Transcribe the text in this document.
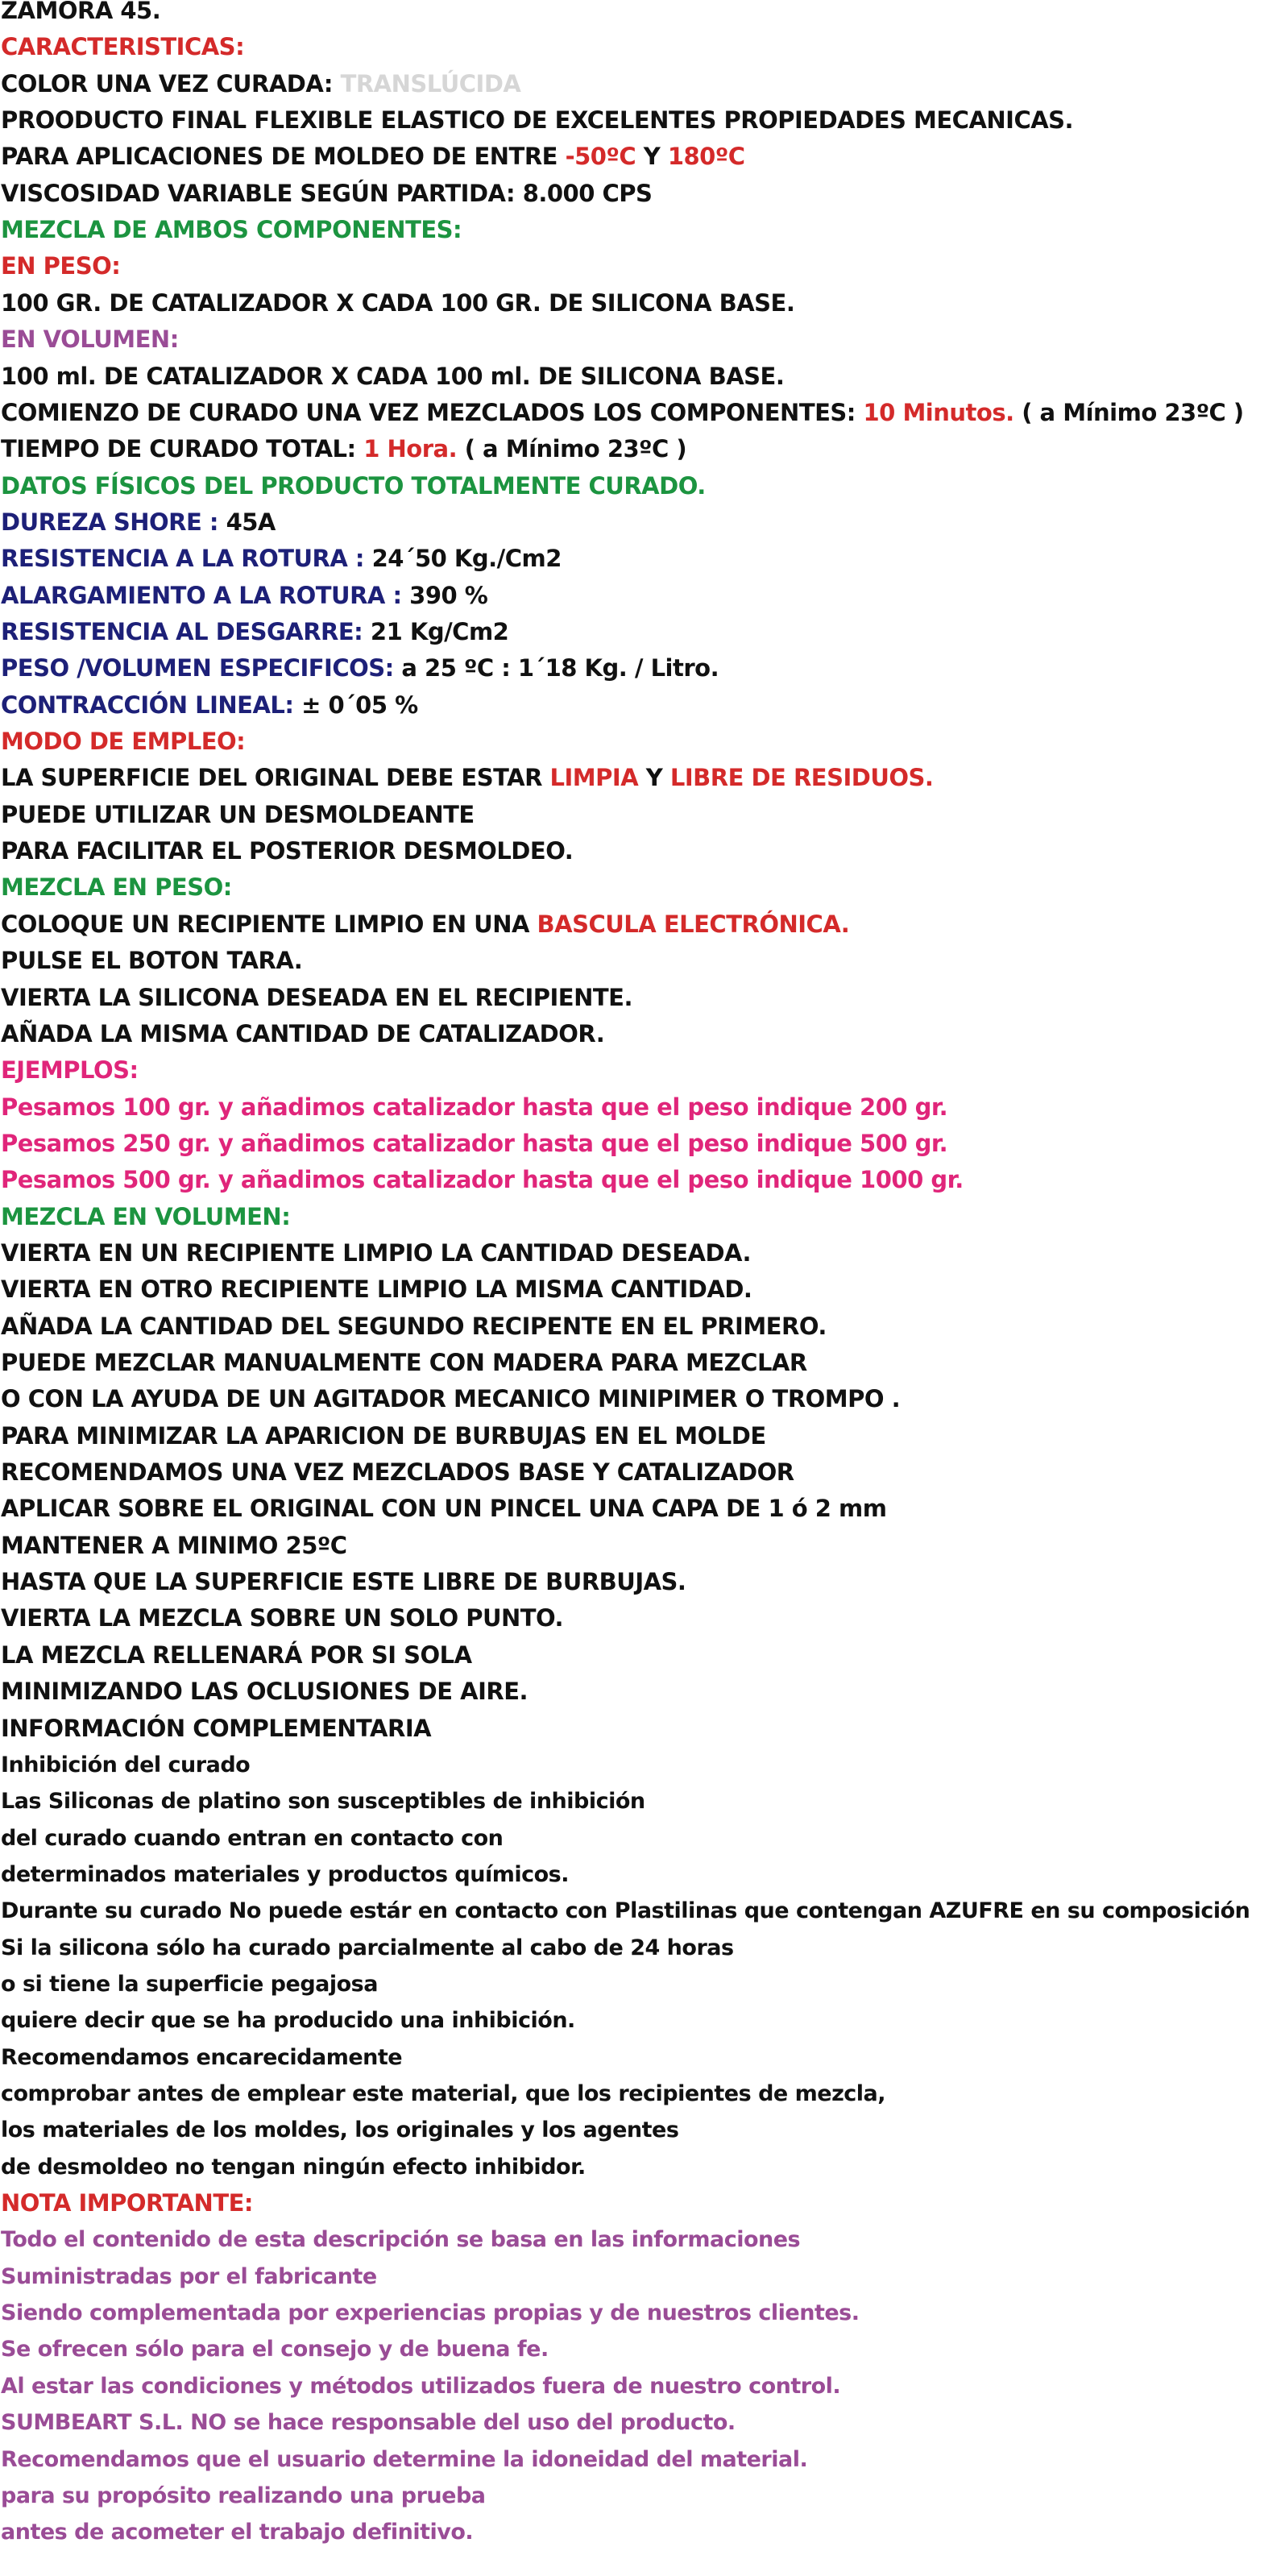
ZAMORA 45.
CARACTERISTICAS:
COLOR UNA VEZ CURADA: TRANSLÚCIDA
PROODUCTO FINAL FLEXIBLE ELASTICO DE EXCELENTES PROPIEDADES MECANICAS.
PARA APLICACIONES DE MOLDEO DE ENTRE -50ºC Y 180ºC
VISCOSIDAD VARIABLE SEGÚN PARTIDA: 8.000 CPS
MEZCLA DE AMBOS COMPONENTES:
EN PESO:
100 GR. DE CATALIZADOR X CADA 100 GR. DE SILICONA BASE.
EN VOLUMEN:
100 ml. DE CATALIZADOR X CADA 100 ml. DE SILICONA BASE.
COMIENZO DE CURADO UNA VEZ MEZCLADOS LOS COMPONENTES: 10 Minutos. ( a Mínimo 23ºC )
TIEMPO DE CURADO TOTAL: 1 Hora. ( a Mínimo 23ºC )
DATOS FÍSICOS DEL PRODUCTO TOTALMENTE CURADO.
DUREZA SHORE : 45A
RESISTENCIA A LA ROTURA : 24´50 Kg./Cm2
ALARGAMIENTO A LA ROTURA : 390 %
RESISTENCIA AL DESGARRE: 21 Kg/Cm2
PESO /VOLUMEN ESPECIFICOS: a 25 ºC : 1´18 Kg. / Litro.
CONTRACCIÓN LINEAL: ± 0´05 %
MODO DE EMPLEO:
LA SUPERFICIE DEL ORIGINAL DEBE ESTAR LIMPIA Y LIBRE DE RESIDUOS.
PUEDE UTILIZAR UN DESMOLDEANTE
PARA FACILITAR EL POSTERIOR DESMOLDEO.
MEZCLA EN PESO:
COLOQUE UN RECIPIENTE LIMPIO EN UNA BASCULA ELECTRÓNICA.
PULSE EL BOTON TARA.
VIERTA LA SILICONA DESEADA EN EL RECIPIENTE.
AÑADA LA MISMA CANTIDAD DE CATALIZADOR.
EJEMPLOS:
Pesamos 100 gr. y añadimos catalizador hasta que el peso indique 200 gr.
Pesamos 250 gr. y añadimos catalizador hasta que el peso indique 500 gr.
Pesamos 500 gr. y añadimos catalizador hasta que el peso indique 1000 gr.
MEZCLA EN VOLUMEN:
VIERTA EN UN RECIPIENTE LIMPIO LA CANTIDAD DESEADA.
VIERTA EN OTRO RECIPIENTE LIMPIO LA MISMA CANTIDAD.
AÑADA LA CANTIDAD DEL SEGUNDO RECIPENTE EN EL PRIMERO.
PUEDE MEZCLAR MANUALMENTE CON MADERA PARA MEZCLAR
O CON LA AYUDA DE UN AGITADOR MECANICO MINIPIMER O TROMPO .
PARA MINIMIZAR LA APARICION DE BURBUJAS EN EL MOLDE
RECOMENDAMOS UNA VEZ MEZCLADOS BASE Y CATALIZADOR
APLICAR SOBRE EL ORIGINAL CON UN PINCEL UNA CAPA DE 1 ó 2 mm
MANTENER A MINIMO 25ºC
HASTA QUE LA SUPERFICIE ESTE LIBRE DE BURBUJAS.
VIERTA LA MEZCLA SOBRE UN SOLO PUNTO.
LA MEZCLA RELLENARÁ POR SI SOLA
MINIMIZANDO LAS OCLUSIONES DE AIRE.
INFORMACIÓN COMPLEMENTARIA
Inhibición del curado
Las Siliconas de platino son susceptibles de inhibición
del curado cuando entran en contacto con
determinados materiales y productos químicos.
Durante su curado No puede estár en contacto con Plastilinas que contengan AZUFRE en su composición
Si la silicona sólo ha curado parcialmente al cabo de 24 horas
o si tiene la superficie pegajosa
quiere decir que se ha producido una inhibición.
Recomendamos encarecidamente
comprobar antes de emplear este material, que los recipientes de mezcla,
los materiales de los moldes, los originales y los agentes
de desmoldeo no tengan ningún efecto inhibidor.
NOTA IMPORTANTE:
Todo el contenido de esta descripción se basa en las informaciones
Suministradas por el fabricante
Siendo complementada por experiencias propias y de nuestros clientes.
Se ofrecen sólo para el consejo y de buena fe.
Al estar las condiciones y métodos utilizados fuera de nuestro control.
SUMBEART S.L. NO se hace responsable del uso del producto.
Recomendamos que el usuario determine la idoneidad del material.
para su propósito realizando una prueba
antes de acometer el trabajo definitivo.
